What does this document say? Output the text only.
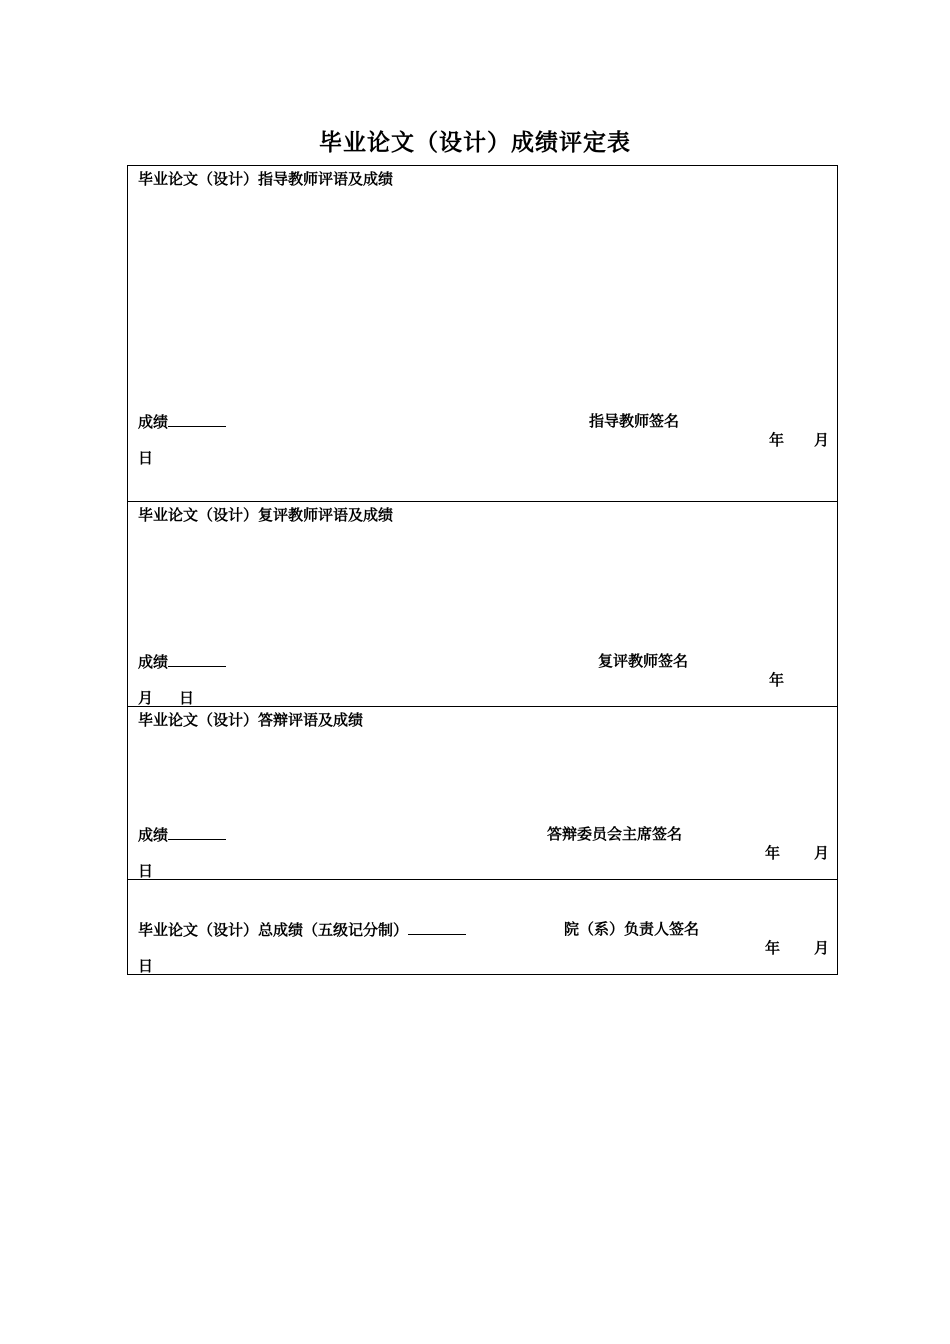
毕业论文（设计）成绩评定表
毕业论文（设计）指导教师评语及成绩
成绩	指导教师签名
年 月
日
毕业论文（设计）复评教师评语及成绩
成绩	复评教师签名
年
月 日
毕业论文（设计）答辩评语及成绩
成绩	答辩委员会主席签名
年 月
日
毕业论文（设计）总成绩（五级记分制）	院（系）负责人签名
年 月
日
